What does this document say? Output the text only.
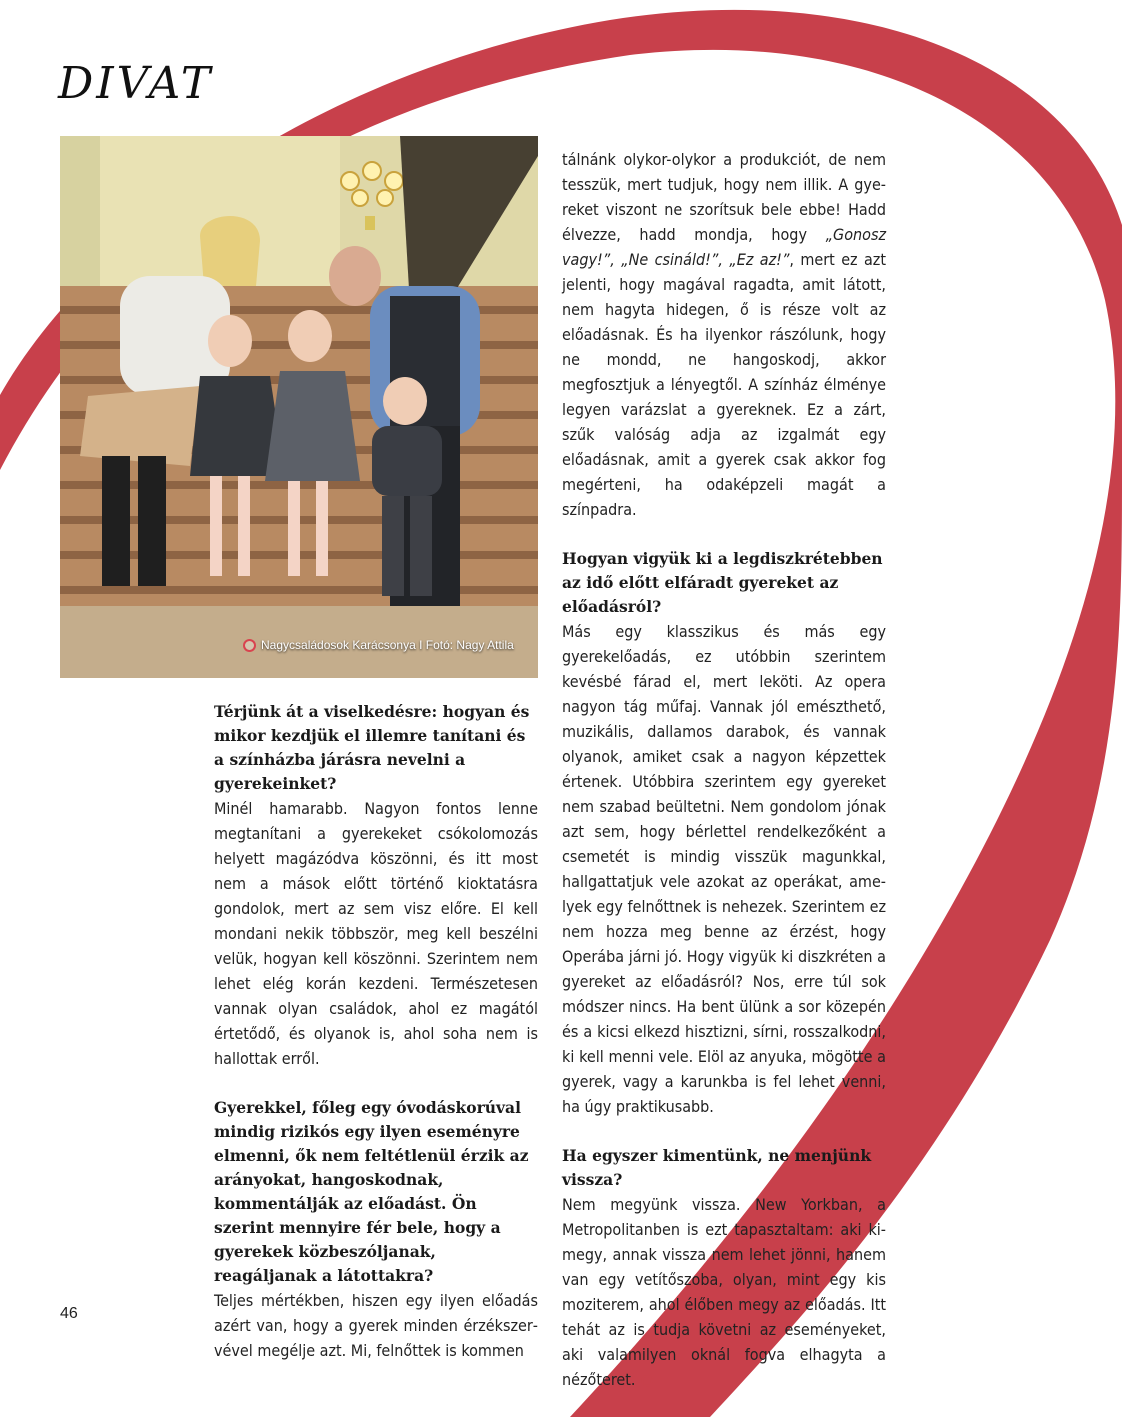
DIVAT
Nagycsaládosok Karácsonya I Fotó: Nagy Attila

Térjünk át a viselkedésre: hogyan és mikor kezdjük el illemre tanítani és a színházba járásra nevelni a gyerekeinket?

Minél hamarabb. Nagyon fontos lenne megtanítani a gyerekeket csókolomozás helyett magázódva köszönni, és itt most nem a mások előtt történő kioktatásra gondolok, mert az sem visz előre. El kell mondani nekik többször, meg kell beszélni velük, hogyan kell köszönni. Szerintem nem lehet elég korán kezdeni. Természetesen vannak olyan családok, ahol ez magától értetődő, és olyanok is, ahol soha nem is hallottak erről.

Gyerekkel, főleg egy óvodáskorúval mindig rizikós egy ilyen eseményre elmenni, ők nem feltétlenül érzik az arányokat, hangoskodnak, kommentálják az előadást. Ön szerint mennyire fér bele, hogy a gyerekek közbeszóljanak, reagáljanak a látottakra?

Teljes mértékben, hiszen egy ilyen előadás azért van, hogy a gyerek minden érzékszervével megélje azt. Mi, felnőttek is kommen

tálnánk olykor-olykor a produkciót, de nem tesszük, mert tudjuk, hogy nem illik. A gyereket viszont ne szorítsuk bele ebbe! Hadd élvezze, hadd mondja, hogy „Gonosz vagy!”, „Ne csináld!”, „Ez az!”, mert ez azt jelenti, hogy magával ragadta, amit látott, nem hagyta hidegen, ő is része volt az előadásnak. És ha ilyenkor rászólunk, hogy ne mondd, ne hangoskodj, akkor megfosztjuk a lényegtől. A színház élménye legyen varázslat a gyereknek. Ez a zárt, szűk valóság adja az izgalmát egy előadásnak, amit a gyerek csak akkor fog megérteni, ha odaképzeli magát a színpadra.

Hogyan vigyük ki a legdiszkrétebben az idő előtt elfáradt gyereket az előadásról?

Más egy klasszikus és más egy gyerekelőadás, ez utóbbin szerintem kevésbé fárad el, mert leköti. Az opera nagyon tág műfaj. Vannak jól emészthető, muzikális, dallamos darabok, és vannak olyanok, amiket csak a nagyon képzettek értenek. Utóbbira szerintem egy gyereket nem szabad beültetni. Nem gondolom jónak azt sem, hogy bérlettel rendelkezőként a csemetét is mindig visszük magunkkal, hallgattatjuk vele azokat az operákat, amelyek egy felnőttnek is nehezek. Szerintem ez nem hozza meg benne az érzést, hogy Operába járni jó. Hogy vigyük ki diszkréten a gyereket az előadásról? Nos, erre túl sok módszer nincs. Ha bent ülünk a sor közepén és a kicsi elkezd hisztizni, sírni, rosszalkodni, ki kell menni vele. Elöl az anyuka, mögötte a gyerek, vagy a karunkba is fel lehet venni, ha úgy praktikusabb.

Ha egyszer kimentünk, ne menjünk vissza?

Nem megyünk vissza. New Yorkban, a Metropolitanben is ezt tapasztaltam: aki kimegy, annak vissza nem lehet jönni, hanem van egy vetítőszoba, olyan, mint egy kis moziterem, ahol élőben megy az előadás. Itt tehát az is tudja követni az eseményeket, aki valamilyen oknál fogva elhagyta a nézőteret.

46
